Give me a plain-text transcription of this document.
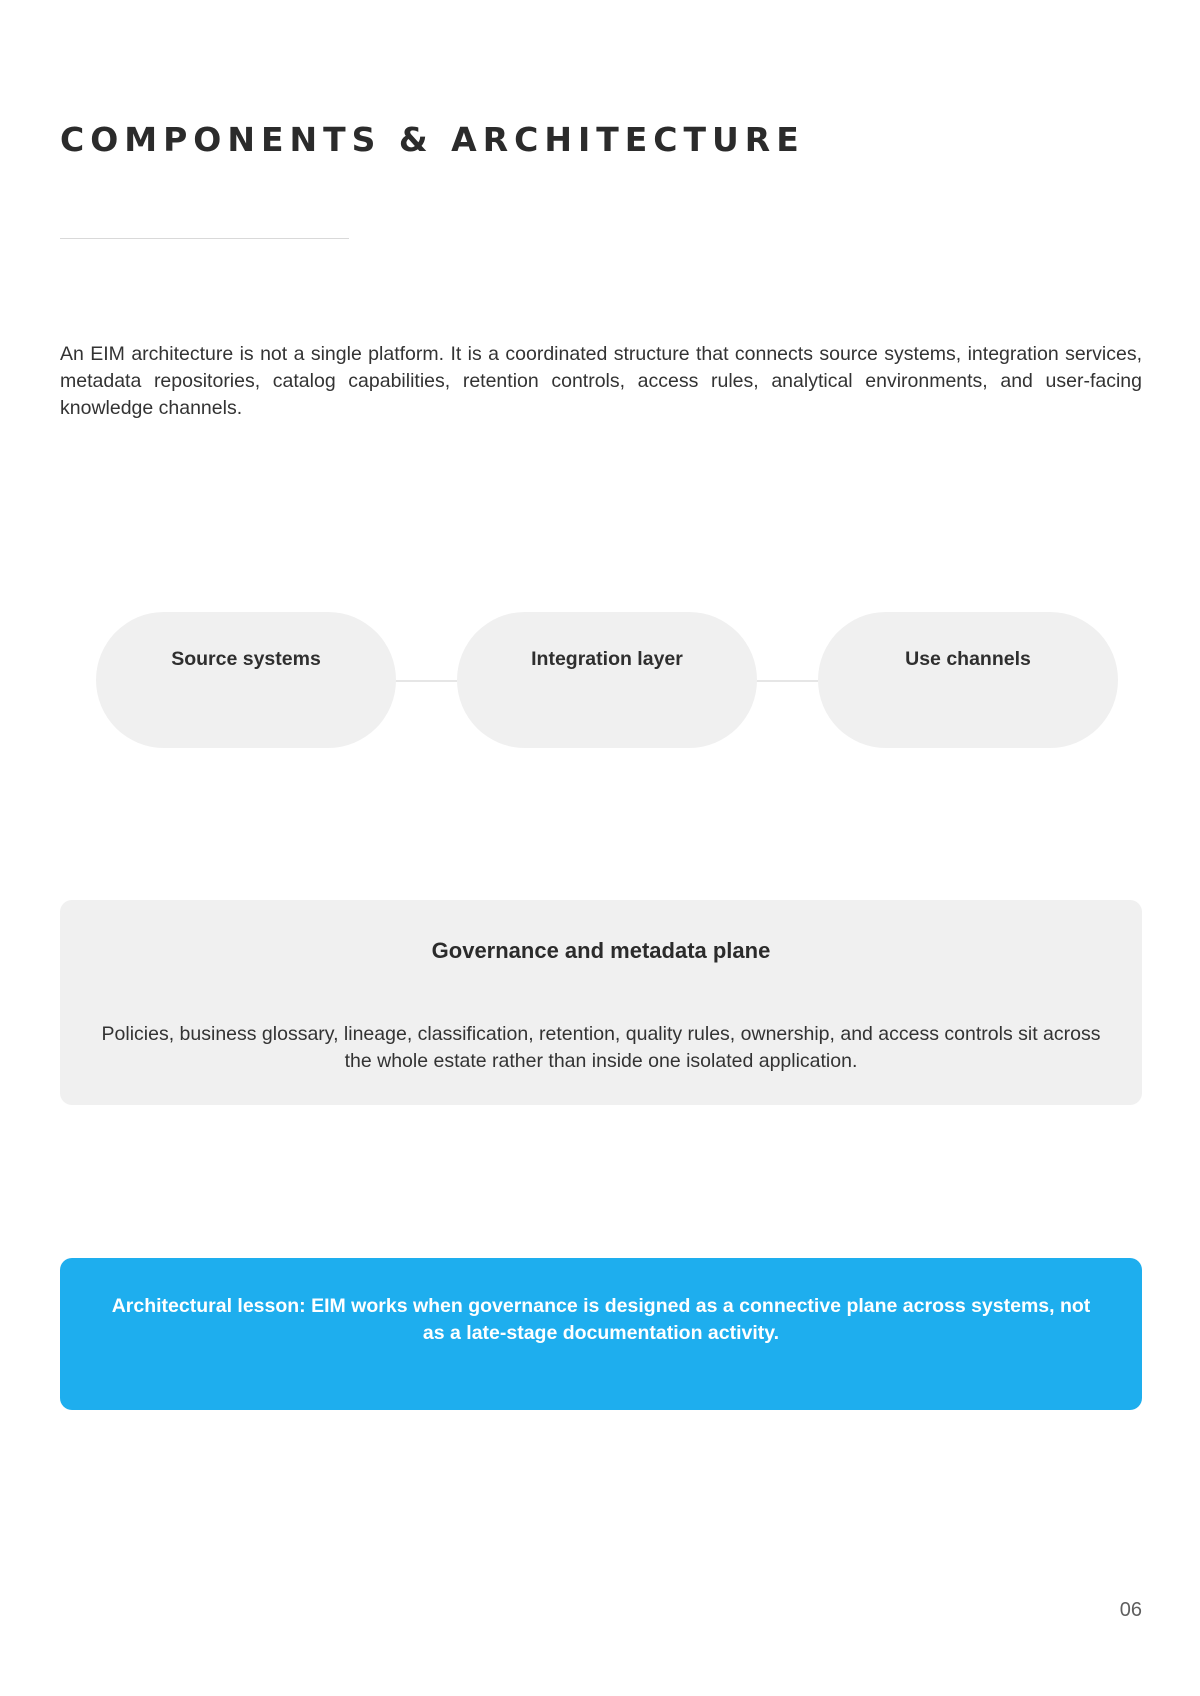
COMPONENTS & ARCHITECTURE

An EIM architecture is not a single platform. It is a coordinated structure that connects source systems, integration services, metadata repositories, catalog capabilities, retention controls, access rules, analytical environments, and user-facing knowledge channels.

Source systems	Integration layer	Use channels
Governance and metadata plane

Policies, business glossary, lineage, classification, retention, quality rules, ownership, and access controls sit across the whole estate rather than inside one isolated application.

Architectural lesson: EIM works when governance is designed as a connective plane across systems, not as a late-stage documentation activity.

06
